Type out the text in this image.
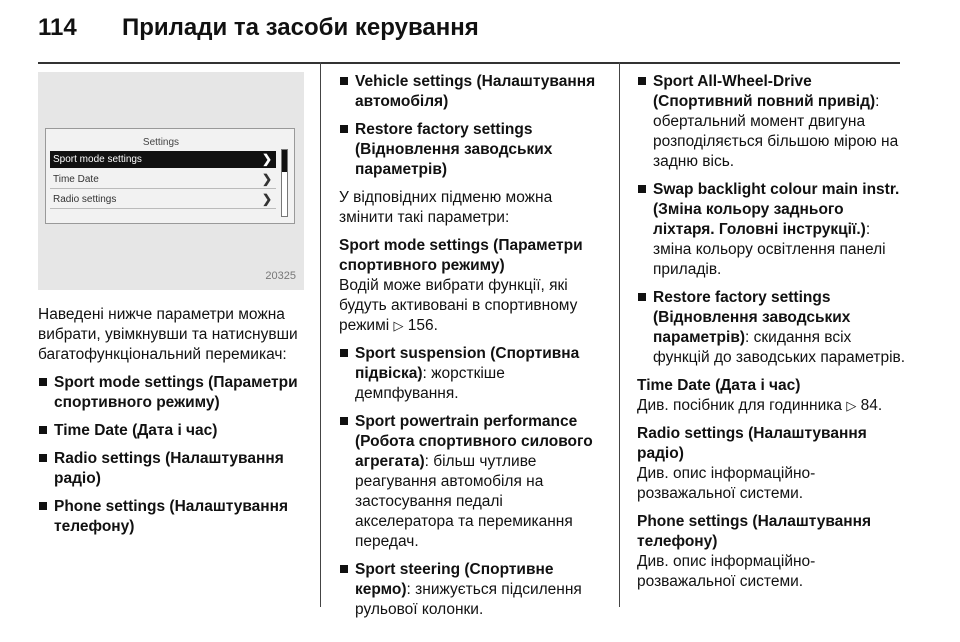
114 Прилади та засоби керування
Settings
Sport mode settings	❯
Time Date	❯
Radio settings	❯
20325

Наведені нижче параметри можна вибрати, увімкнувши та натиснувши багатофункціональний перемикач:

Sport mode settings (Параметри спортивного режиму)
Time Date (Дата і час)
Radio settings (Налаштування радіо)
Phone settings (Налаштування телефону)
Vehicle settings (Налаштування автомобіля)
Restore factory settings (Відновлення заводських параметрів)

У відповідних підменю можна змінити такі параметри:

Sport mode settings (Параметри спортивного режиму)

Водій може вибрати функції, які будуть активовані в спортивному режимі ▷ 156.

Sport suspension (Спортивна підвіска): жорсткіше демпфування.
Sport powertrain performance (Робота спортивного силового агрегата): більш чутливе реагування автомобіля на застосування педалі акселератора та перемикання передач.
Sport steering (Спортивне кермо): знижується підсилення рульової колонки.
Sport All-Wheel-Drive (Спортивний повний привід): обертальний момент двигуна розподіляється більшою мірою на задню вісь.
Swap backlight colour main instr. (Зміна кольору заднього ліхтаря. Головні інструкції.): зміна кольору освітлення панелі приладів.
Restore factory settings (Відновлення заводських параметрів): скидання всіх функцій до заводських параметрів.

Time Date (Дата і час)

Див. посібник для годинника ▷ 84.

Radio settings (Налаштування радіо)

Див. опис інформаційно-розважальної системи.

Phone settings (Налаштування телефону)

Див. опис інформаційно-розважальної системи.
